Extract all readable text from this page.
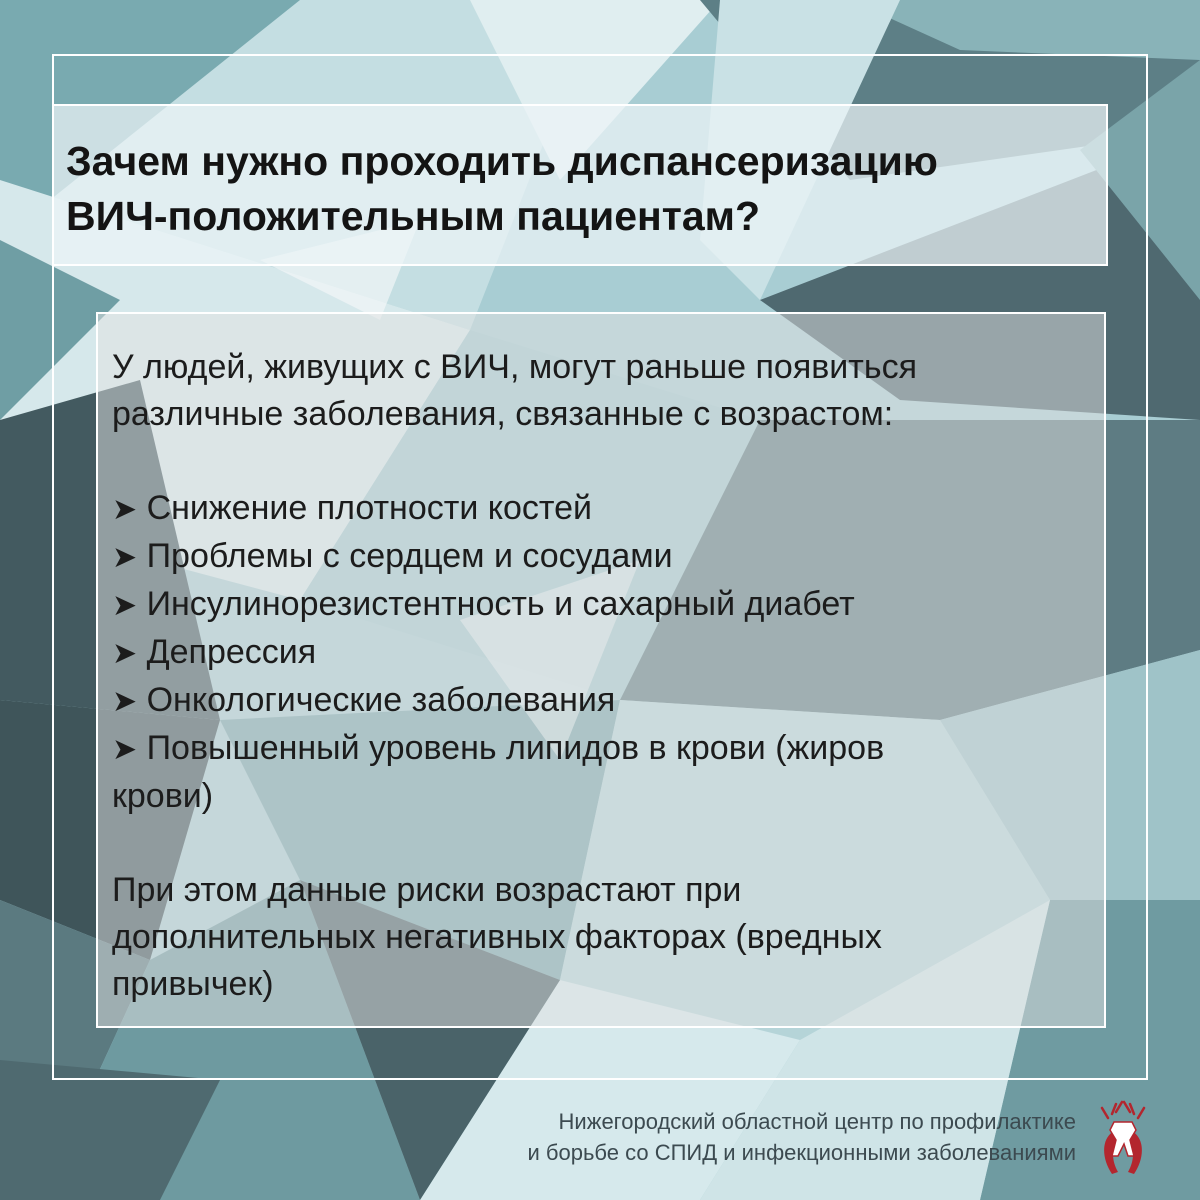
Зачем нужно проходить диспансеризацию
ВИЧ-положительным пациентам?
У людей, живущих с ВИЧ, могут раньше появиться
различные заболевания, связанные с возрастом:
➤ Снижение плотности костей
➤ Проблемы с сердцем и сосудами
➤ Инсулинорезистентность и сахарный диабет
➤ Депрессия
➤ Онкологические заболевания
➤ Повышенный уровень липидов в крови (жиров
крови)
При этом данные риски возрастают при
дополнительных негативных факторах (вредных
привычек)
Нижегородский областной центр по профилактике
и борьбе со СПИД и инфекционными заболеваниями
